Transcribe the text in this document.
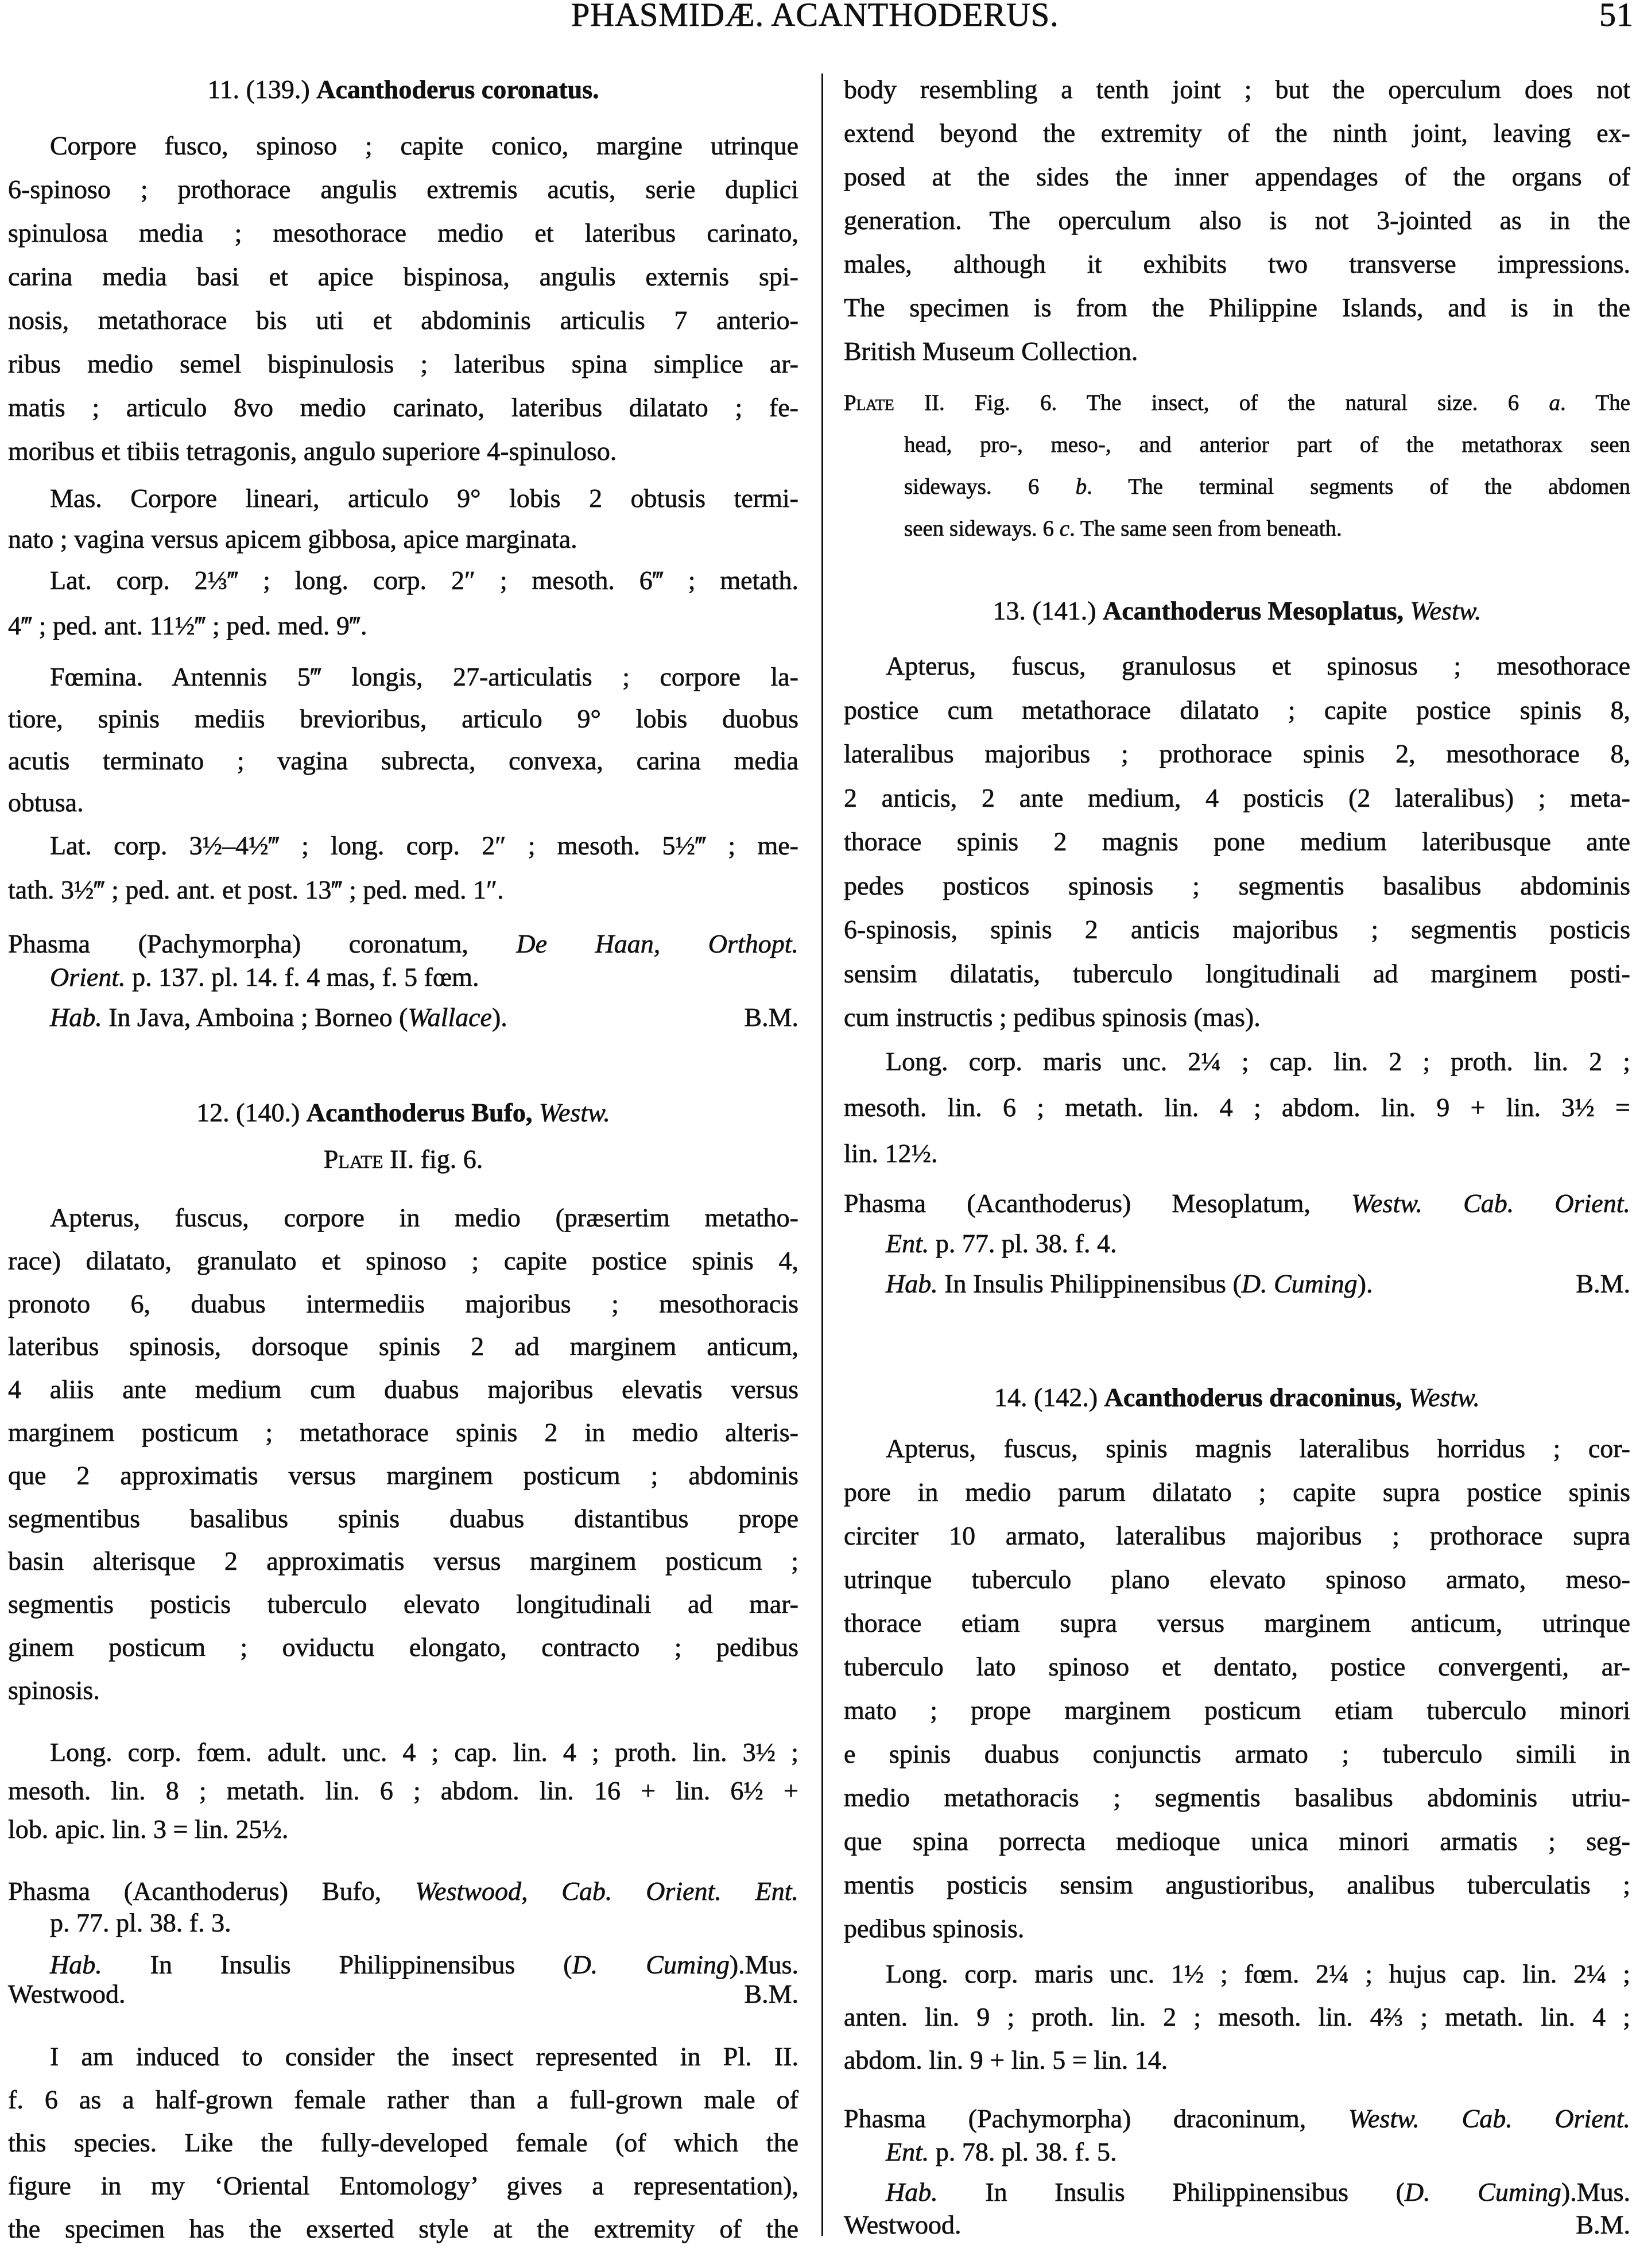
PHASMIDÆ. ACANTHODERUS.	51
11. (139.) Acanthoderus coronatus.
Corpore fusco, spinoso ; capite conico, margine utrinque
6-spinoso ; prothorace angulis extremis acutis, serie duplici
spinulosa media ; mesothorace medio et lateribus carinato,
carina media basi et apice bispinosa, angulis externis spi-
nosis, metathorace bis uti et abdominis articulis 7 anterio-
ribus medio semel bispinulosis ; lateribus spina simplice ar-
matis ; articulo 8vo medio carinato, lateribus dilatato ; fe-
moribus et tibiis tetragonis, angulo superiore 4-spinuloso.
Mas. Corpore lineari, articulo 9° lobis 2 obtusis termi-
nato ; vagina versus apicem gibbosa, apice marginata.
Lat. corp. 2⅓‴ ; long. corp. 2″ ; mesoth. 6‴ ; metath.
4‴ ; ped. ant. 11½‴ ; ped. med. 9‴.
Fœmina. Antennis 5‴ longis, 27-articulatis ; corpore la-
tiore, spinis mediis brevioribus, articulo 9° lobis duobus
acutis terminato ; vagina subrecta, convexa, carina media
obtusa.
Lat. corp. 3½–4½‴ ; long. corp. 2″ ; mesoth. 5½‴ ; me-
tath. 3½‴ ; ped. ant. et post. 13‴ ; ped. med. 1″.
Phasma (Pachymorpha) coronatum, De Haan, Orthopt.
Orient. p. 137. pl. 14. f. 4 mas, f. 5 fœm.
B.M.
Hab. In Java, Amboina ; Borneo (Wallace).
12. (140.) Acanthoderus Bufo, Westw.
Plate II. fig. 6.
Apterus, fuscus, corpore in medio (præsertim metatho-
race) dilatato, granulato et spinoso ; capite postice spinis 4,
pronoto 6, duabus intermediis majoribus ; mesothoracis
lateribus spinosis, dorsoque spinis 2 ad marginem anticum,
4 aliis ante medium cum duabus majoribus elevatis versus
marginem posticum ; metathorace spinis 2 in medio alteris-
que 2 approximatis versus marginem posticum ; abdominis
segmentibus basalibus spinis duabus distantibus prope
basin alterisque 2 approximatis versus marginem posticum ;
segmentis posticis tuberculo elevato longitudinali ad mar-
ginem posticum ; oviductu elongato, contracto ; pedibus
spinosis.
Long. corp. fœm. adult. unc. 4 ; cap. lin. 4 ; proth. lin. 3½ ;
mesoth. lin. 8 ; metath. lin. 6 ; abdom. lin. 16 + lin. 6½ +
lob. apic. lin. 3 = lin. 25½.
Phasma (Acanthoderus) Bufo, Westwood, Cab. Orient. Ent.
p. 77. pl. 38. f. 3.
Mus.
Hab. In Insulis Philippinensibus (D. Cuming).
B.M.
Westwood.
I am induced to consider the insect represented in Pl. II.
f. 6 as a half-grown female rather than a full-grown male of
this species. Like the fully-developed female (of which the
figure in my ‘Oriental Entomology’ gives a representation),
the specimen has the exserted style at the extremity of the
body resembling a tenth joint ; but the operculum does not
extend beyond the extremity of the ninth joint, leaving ex-
posed at the sides the inner appendages of the organs of
generation. The operculum also is not 3-jointed as in the
males, although it exhibits two transverse impressions.
The specimen is from the Philippine Islands, and is in the
British Museum Collection.
Plate II. Fig. 6. The insect, of the natural size. 6 a. The
head, pro-, meso-, and anterior part of the metathorax seen
sideways. 6 b. The terminal segments of the abdomen
seen sideways. 6 c. The same seen from beneath.
13. (141.) Acanthoderus Mesoplatus, Westw.
Apterus, fuscus, granulosus et spinosus ; mesothorace
postice cum metathorace dilatato ; capite postice spinis 8,
lateralibus majoribus ; prothorace spinis 2, mesothorace 8,
2 anticis, 2 ante medium, 4 posticis (2 lateralibus) ; meta-
thorace spinis 2 magnis pone medium lateribusque ante
pedes posticos spinosis ; segmentis basalibus abdominis
6-spinosis, spinis 2 anticis majoribus ; segmentis posticis
sensim dilatatis, tuberculo longitudinali ad marginem posti-
cum instructis ; pedibus spinosis (mas).
Long. corp. maris unc. 2¼ ; cap. lin. 2 ; proth. lin. 2 ;
mesoth. lin. 6 ; metath. lin. 4 ; abdom. lin. 9 + lin. 3½ =
lin. 12½.
Phasma (Acanthoderus) Mesoplatum, Westw. Cab. Orient.
Ent. p. 77. pl. 38. f. 4.
B.M.
Hab. In Insulis Philippinensibus (D. Cuming).
14. (142.) Acanthoderus draconinus, Westw.
Apterus, fuscus, spinis magnis lateralibus horridus ; cor-
pore in medio parum dilatato ; capite supra postice spinis
circiter 10 armato, lateralibus majoribus ; prothorace supra
utrinque tuberculo plano elevato spinoso armato, meso-
thorace etiam supra versus marginem anticum, utrinque
tuberculo lato spinoso et dentato, postice convergenti, ar-
mato ; prope marginem posticum etiam tuberculo minori
e spinis duabus conjunctis armato ; tuberculo simili in
medio metathoracis ; segmentis basalibus abdominis utriu-
que spina porrecta medioque unica minori armatis ; seg-
mentis posticis sensim angustioribus, analibus tuberculatis ;
pedibus spinosis.
Long. corp. maris unc. 1½ ; fœm. 2¼ ; hujus cap. lin. 2¼ ;
anten. lin. 9 ; proth. lin. 2 ; mesoth. lin. 4⅔ ; metath. lin. 4 ;
abdom. lin. 9 + lin. 5 = lin. 14.
Phasma (Pachymorpha) draconinum, Westw. Cab. Orient.
Ent. p. 78. pl. 38. f. 5.
Mus.
Hab. In Insulis Philippinensibus (D. Cuming).
B.M.
Westwood.
